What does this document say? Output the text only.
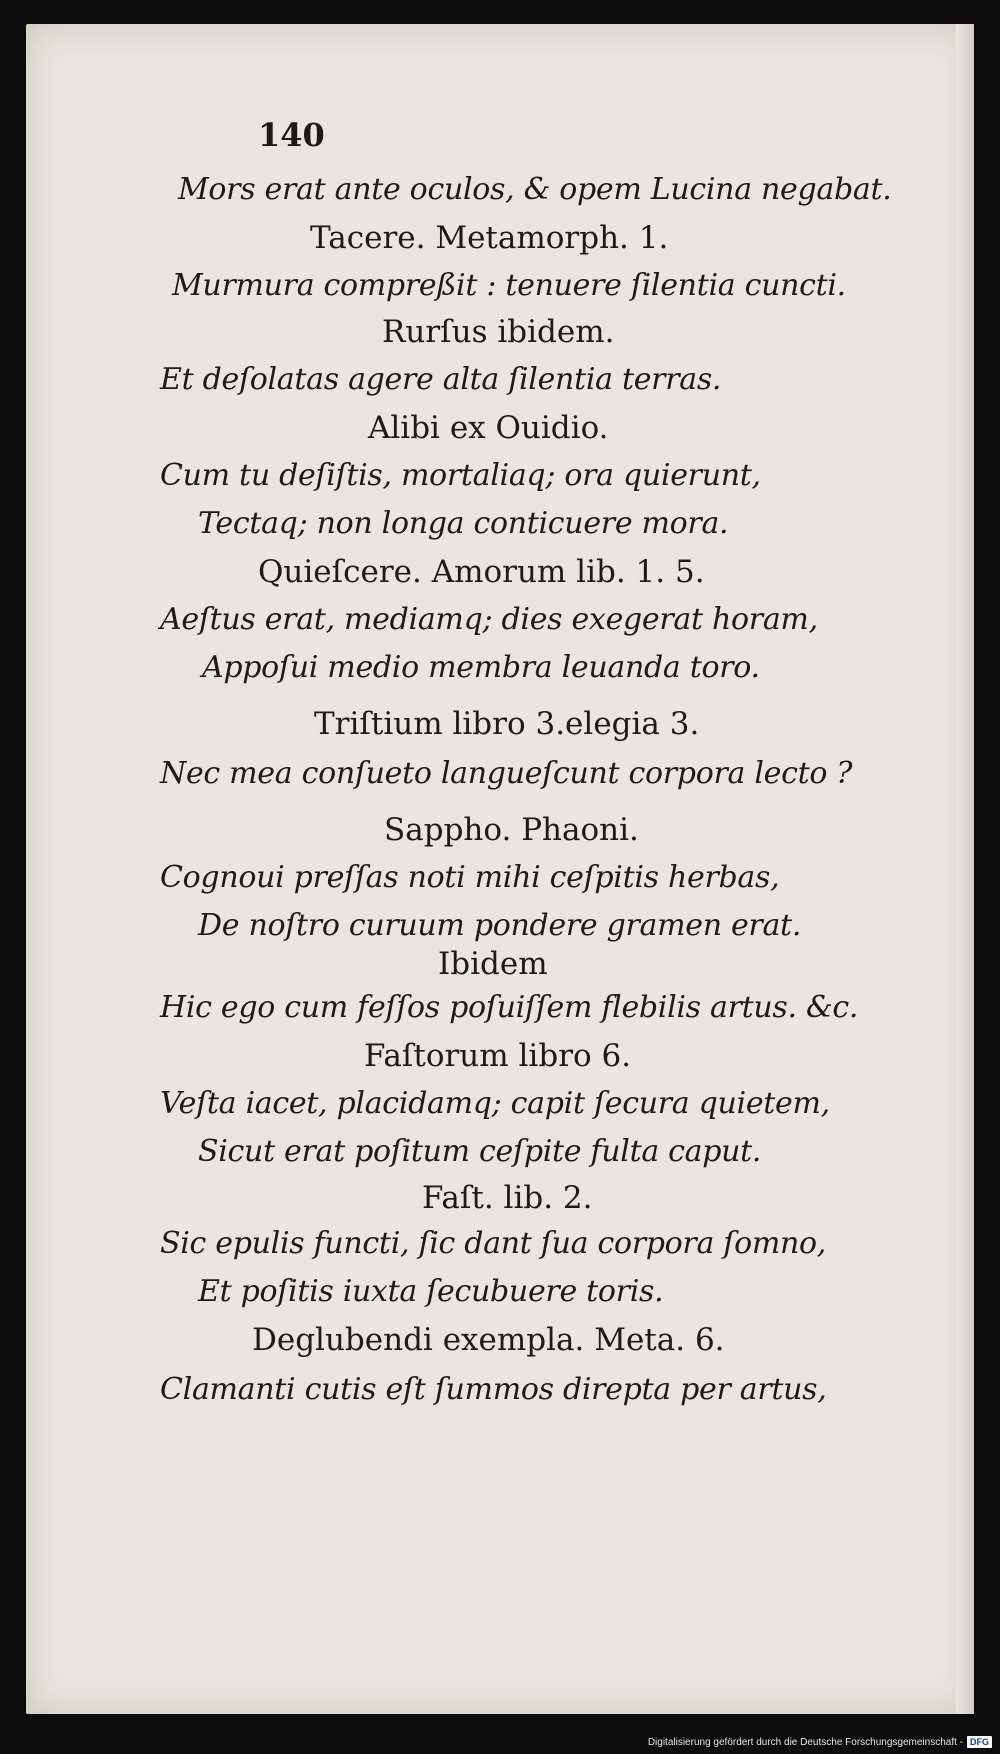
140
Mors erat ante oculos, & opem Lucina negabat.
Tacere. Metamorph. 1.
Murmura compreßit : tenuere ſilentia cuncti.
Rurſus ibidem.
Et deſolatas agere alta ſilentia terras.
Alibi ex Ouidio.
Cum tu deſiſtis, mortaliaq; ora quierunt,
Tectaq; non longa conticuere mora.
Quieſcere. Amorum lib. 1. 5.
Aeſtus erat, mediamq; dies exegerat horam,
Appoſui medio membra leuanda toro.
Triſtium libro 3.elegia 3.
Nec mea conſueto langueſcunt corpora lecto ?
Sappho. Phaoni.
Cognoui preſſas noti mihi ceſpitis herbas,
De noſtro curuum pondere gramen erat.
Ibidem
Hic ego cum feſſos poſuiſſem flebilis artus. &c.
Faſtorum libro 6.
Veſta iacet, placidamq; capit ſecura quietem,
Sicut erat poſitum ceſpite fulta caput.
Faſt. lib. 2.
Sic epulis functi, ſic dant ſua corpora ſomno,
Et poſitis iuxta ſecubuere toris.
Deglubendi exempla. Meta. 6.
Clamanti cutis eſt ſummos direpta per artus,
Digitalisierung gefördert durch die Deutsche Forschungsgemeinschaft - DFG
